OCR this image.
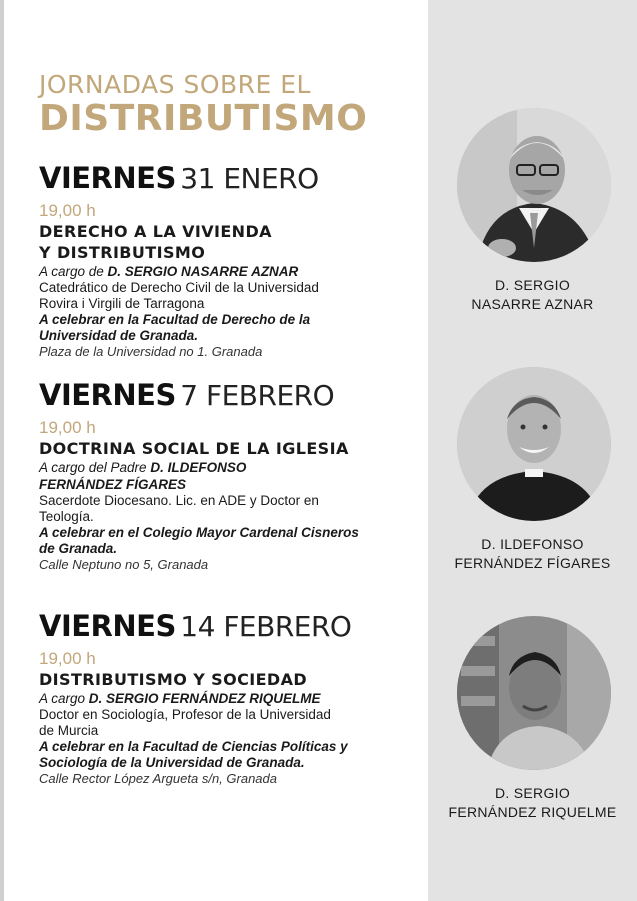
JORNADAS SOBRE EL
DISTRIBUTISMO
VIERNES 31 ENERO
19,00 h
DERECHO A LA VIVIENDA
Y DISTRIBUTISMO
A cargo de D. SERGIO NASARRE AZNAR
Catedrático de Derecho Civil de la Universidad
Rovira i Virgili de Tarragona
A celebrar en la Facultad de Derecho de la
Universidad de Granada.
Plaza de la Universidad no 1. Granada
VIERNES 7 FEBRERO
19,00 h
DOCTRINA SOCIAL DE LA IGLESIA
A cargo del Padre D. ILDEFONSO
FERNÁNDEZ FÍGARES
Sacerdote Diocesano. Lic. en ADE y Doctor en
Teología.
A celebrar en el Colegio Mayor Cardenal Cisneros
de Granada.
Calle Neptuno no 5, Granada
VIERNES 14 FEBRERO
19,00 h
DISTRIBUTISMO Y SOCIEDAD
A cargo D. SERGIO FERNÁNDEZ RIQUELME
Doctor en Sociología, Profesor de la Universidad
de Murcia
A celebrar en la Facultad de Ciencias Políticas y
Sociología de la Universidad de Granada.
Calle Rector López Argueta s/n, Granada
D. SERGIO
NASARRE AZNAR
D. ILDEFONSO
FERNÁNDEZ FÍGARES
D. SERGIO
FERNÁNDEZ RIQUELME
